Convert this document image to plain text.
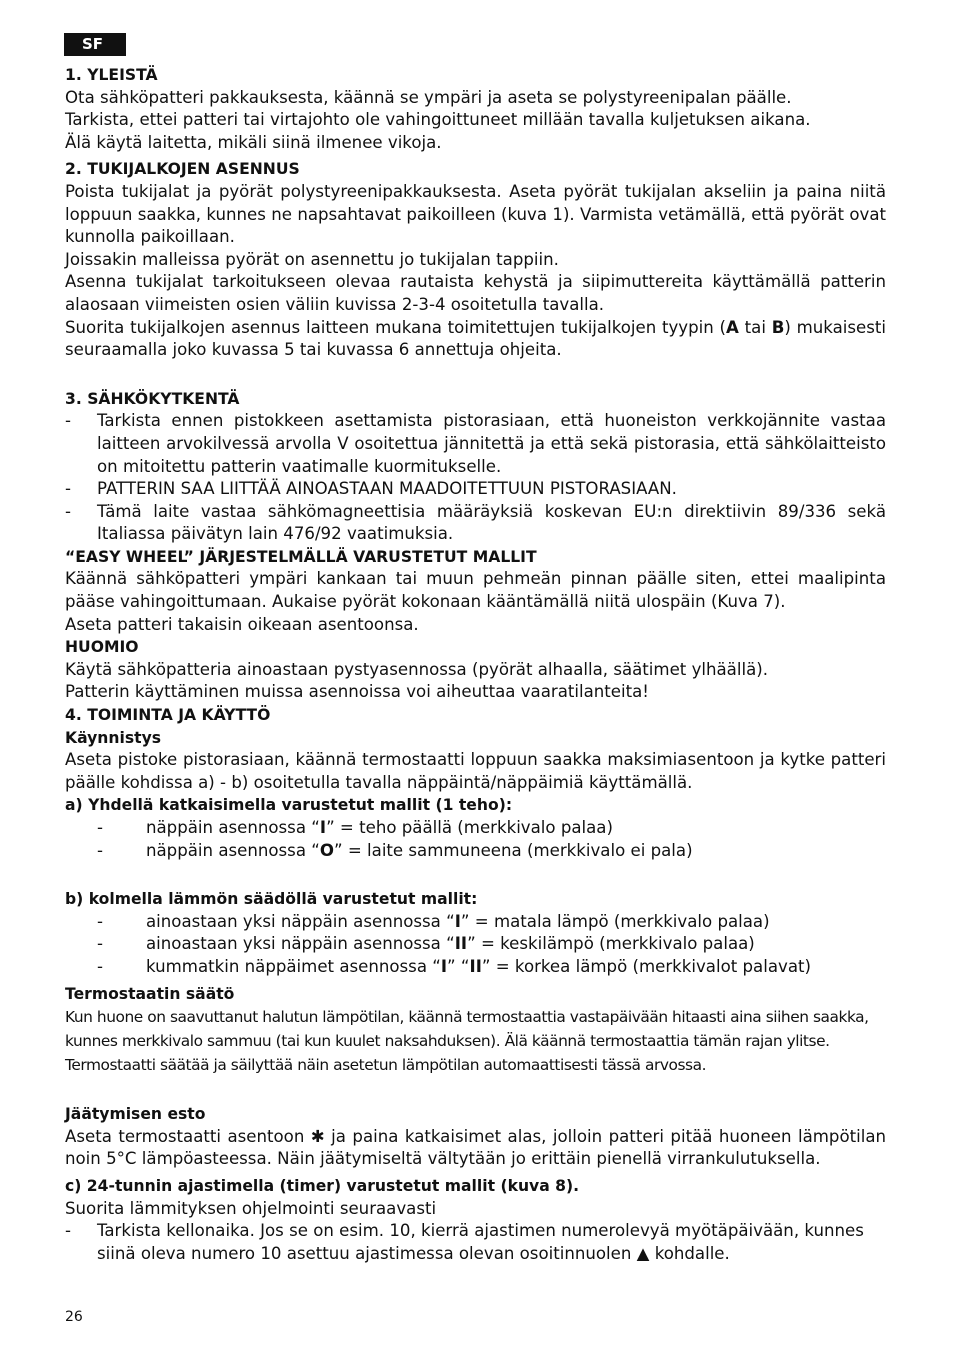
SF
1. YLEISTÄ

Ota sähköpatteri pakkauksesta, käännä se ympäri ja aseta se polystyreenipalan päälle.

Tarkista, ettei patteri tai virtajohto ole vahingoittuneet millään tavalla kuljetuksen aikana.

Älä käytä laitetta, mikäli siinä ilmenee vikoja.

2. TUKIJALKOJEN ASENNUS

Poista tukijalat ja pyörät polystyreenipakkauksesta. Aseta pyörät tukijalan akseliin ja paina niitä loppuun saakka, kunnes ne napsahtavat paikoilleen (kuva 1). Varmista vetämällä, että pyörät ovat kunnolla paikoillaan.

Joissakin malleissa pyörät on asennettu jo tukijalan tappiin.

Asenna tukijalat tarkoitukseen olevaa rautaista kehystä ja siipimuttereita käyttämällä patterin alaosaan viimeisten osien väliin kuvissa 2-3-4 osoitetulla tavalla.

Suorita tukijalkojen asennus laitteen mukana toimitettujen tukijalkojen tyypin (A tai B) mukaisesti seuraamalla joko kuvassa 5 tai kuvassa 6 annettuja ohjeita.

3. SÄHKÖKYTKENTÄ
-	Tarkista ennen pistokkeen asettamista pistorasiaan, että huoneiston verkkojännite vastaa laitteen arvokilvessä arvolla V osoitettua jännitettä ja että sekä pistorasia, että sähkölaitteisto on mitoitettu patterin vaatimalle kuormitukselle.
-	PATTERIN SAA LIITTÄÄ AINOASTAAN MAADOITETTUUN PISTORASIAAN.
-	Tämä laite vastaa sähkömagneettisia määräyksiä koskevan EU:n direktiivin 89/336 sekä Italiassa päivätyn lain 476/92 vaatimuksia.
“EASY WHEEL” JÄRJESTELMÄLLÄ VARUSTETUT MALLIT

Käännä sähköpatteri ympäri kankaan tai muun pehmeän pinnan päälle siten, ettei maalipinta pääse vahingoittumaan. Aukaise pyörät kokonaan kääntämällä niitä ulospäin (Kuva 7).

Aseta patteri takaisin oikeaan asentoonsa.

HUOMIO

Käytä sähköpatteria ainoastaan pystyasennossa (pyörät alhaalla, säätimet ylhäällä).

Patterin käyttäminen muissa asennoissa voi aiheuttaa vaaratilanteita!

4. TOIMINTA JA KÄYTTÖ
Käynnistys

Aseta pistoke pistorasiaan, käännä termostaatti loppuun saakka maksimiasentoon ja kytke patteri päälle kohdissa a) - b) osoitetulla tavalla näppäintä/näppäimiä käyttämällä.

a) Yhdellä katkaisimella varustetut mallit (1 teho):
-	näppäin asennossa “I” = teho päällä (merkkivalo palaa)
-	näppäin asennossa “O” = laite sammuneena (merkkivalo ei pala)
b) kolmella lämmön säädöllä varustetut mallit:
-	ainoastaan yksi näppäin asennossa “I” = matala lämpö (merkkivalo palaa)
-	ainoastaan yksi näppäin asennossa “II” = keskilämpö (merkkivalo palaa)
-	kummatkin näppäimet asennossa “I” “II” = korkea lämpö (merkkivalot palavat)
Termostaatin säätö

Kun huone on saavuttanut halutun lämpötilan, käännä termostaattia vastapäivään hitaasti aina siihen saakka, kunnes merkkivalo sammuu (tai kun kuulet naksahduksen). Älä käännä termostaattia tämän rajan ylitse.

Termostaatti säätää ja säilyttää näin asetetun lämpötilan automaattisesti tässä arvossa.

Jäätymisen esto

Aseta termostaatti asentoon ✱ ja paina katkaisimet alas, jolloin patteri pitää huoneen lämpötilan noin 5°C lämpöasteessa. Näin jäätymiseltä vältytään jo erittäin pienellä virrankulutuksella.

c) 24-tunnin ajastimella (timer) varustetut mallit (kuva 8).

Suorita lämmityksen ohjelmointi seuraavasti

-	Tarkista kellonaika. Jos se on esim. 10, kierrä ajastimen numerolevyä myötäpäivään, kunnes siinä oleva numero 10 asettuu ajastimessa olevan osoitinnuolen ▲ kohdalle.
26
